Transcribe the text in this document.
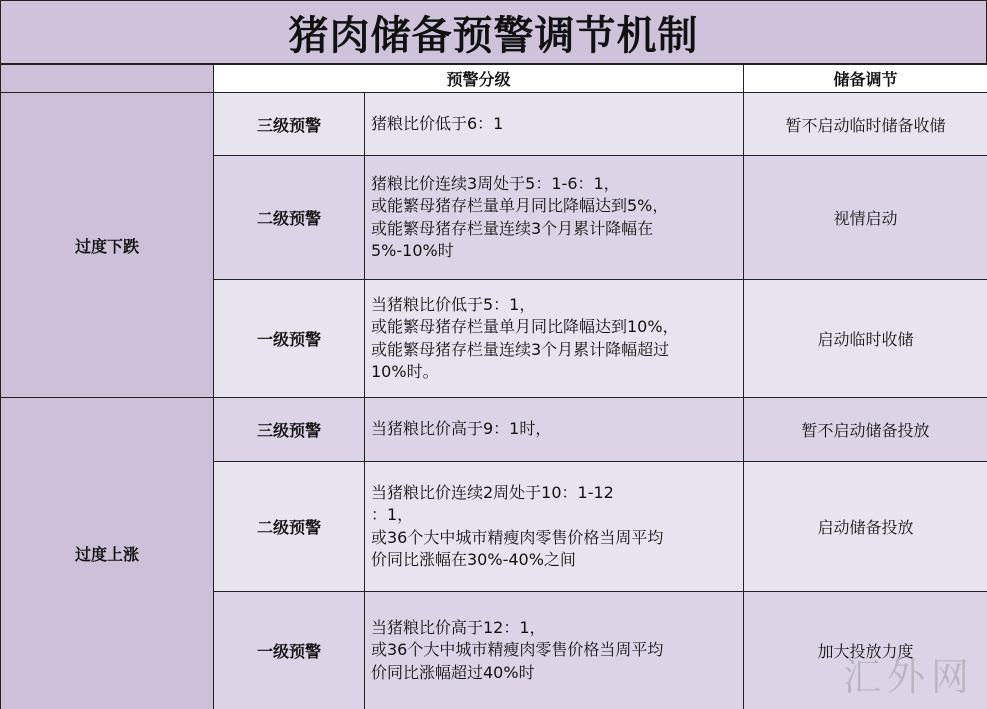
猪肉储备预警调节机制
	预警分级		储备调节
过度下跌	三级预警	猪粮比价低于6：1	暂不启动临时储备收储
	二级预警	猪粮比价连续3周处于5：1-6：1，
或能繁母猪存栏量单月同比降幅达到5%，
或能繁母猪存栏量连续3个月累计降幅在
5%-10%时	视情启动
	一级预警	当猪粮比价低于5：1，
或能繁母猪存栏量单月同比降幅达到10%，
或能繁母猪存栏量连续3个月累计降幅超过
10%时。	启动临时收储
过度上涨	三级预警	当猪粮比价高于9：1时，	暂不启动储备投放
	二级预警	当猪粮比价连续2周处于10：1-12
：1，
或36个大中城市精瘦肉零售价格当周平均
价同比涨幅在30%-40%之间	启动储备投放
	一级预警	当猪粮比价高于12：1，
或36个大中城市精瘦肉零售价格当周平均
价同比涨幅超过40%时	加大投放力度
汇外网
